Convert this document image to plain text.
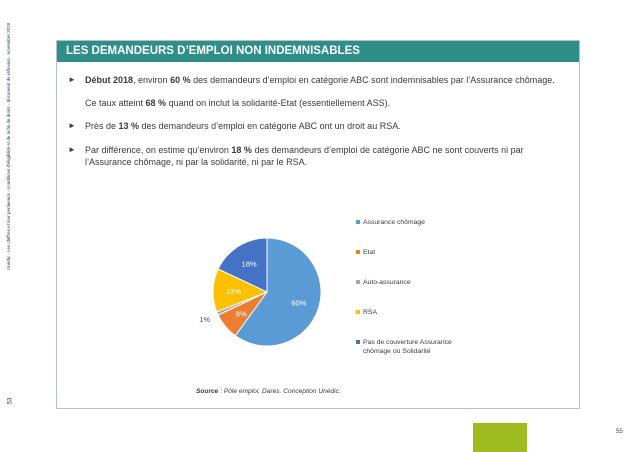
Unédic - Les chiffres et leur pertinence - conditions d'éligibilité et de la fin de droits - document de réflexion - novembre 2018
53
LES DEMANDEURS D’EMPLOI NON INDEMNISABLES
► Début 2018, environ 60 % des demandeurs d’emploi en catégorie ABC sont indemnisables par l’Assurance chômage.
Ce taux atteint 68 % quand on inclut la solidarité-Etat (essentiellement ASS).
► Près de 13 % des demandeurs d’emploi en catégorie ABC ont un droit au RSA.
► Par différence, on estime qu’environ 18 % des demandeurs d’emploi de catégorie ABC ne sont couverts ni par l’Assurance chômage, ni par la solidarité, ni par le RSA.
60%
8%
1%
13%
18%
Assurance chômage
Etat
Auto-assurance
RSA
Pas de couverture Assurance chômage ou Solidarité
Source : Pôle emploi, Dares. Conception Unédic.
55
